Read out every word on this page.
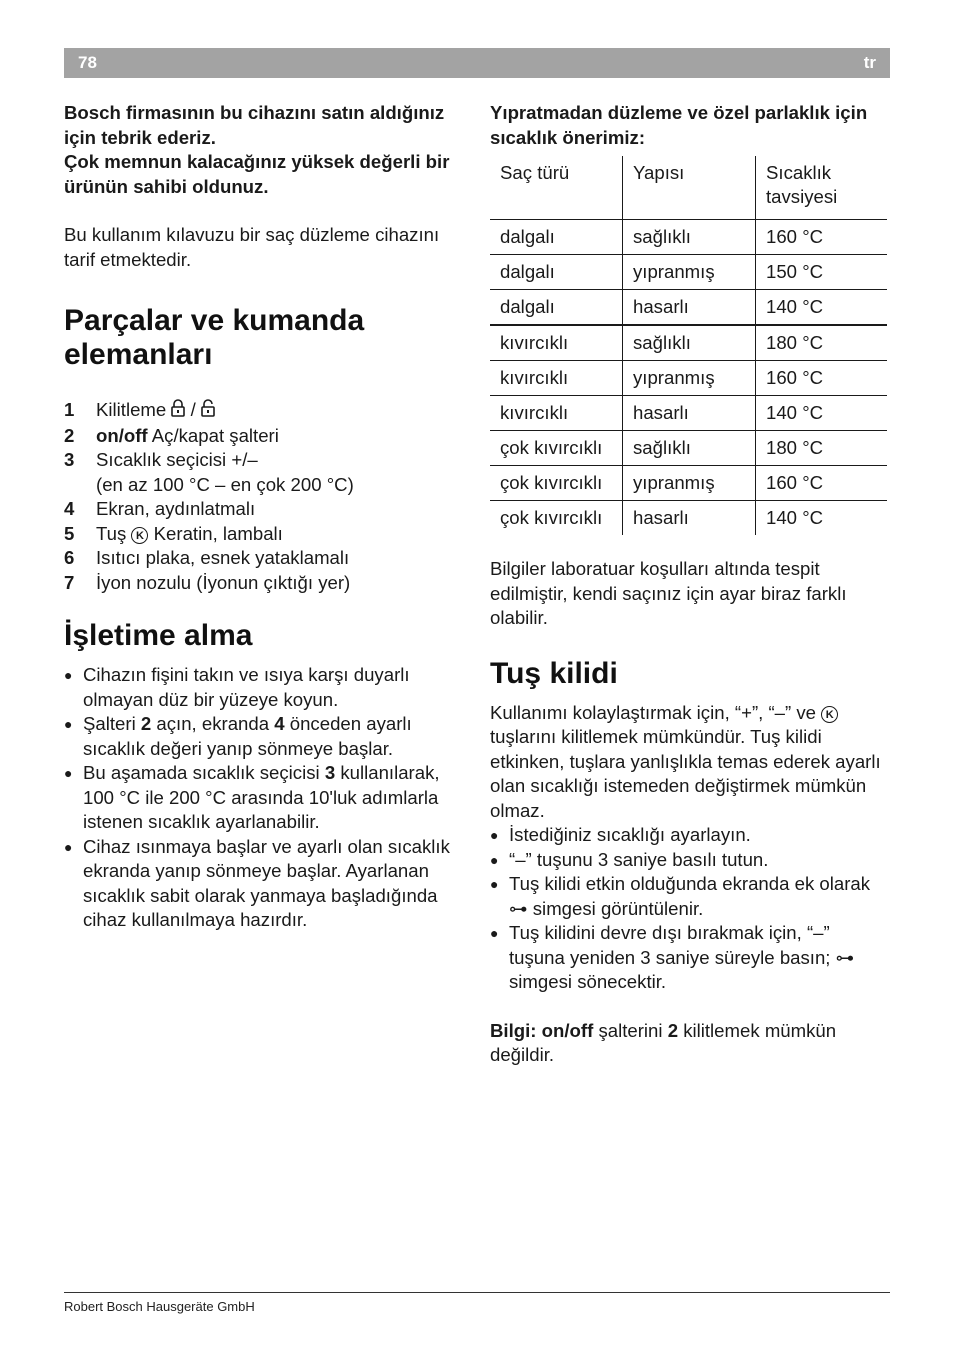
78	tr

Bosch firmasının bu cihazını satın aldığınız için tebrik ederiz.

Çok memnun kalacağınız yüksek değerli bir ürünün sahibi oldunuz.

Bu kullanım kılavuzu bir saç düzleme cihazını tarif etmektedir.

Parçalar ve kumanda
elemanları
1 Kilitleme /
2 on/off Aç/kapat şalteri
3 Sıcaklık seçicisi +/–
(en az 100 °C – en çok 200 °C)
4 Ekran, aydınlatmalı
5 Tuş K Keratin, lambalı
6 Isıtıcı plaka, esnek yataklamalı
7 İyon nozulu (İyonun çıktığı yer)
İşletime alma
● Cihazın fişini takın ve ısıya karşı duyarlı olmayan düz bir yüzeye koyun.
● Şalteri 2 açın, ekranda 4 önceden ayarlı sıcaklık değeri yanıp sönmeye başlar.
● Bu aşamada sıcaklık seçicisi 3 kullanılarak, 100 °C ile 200 °C arasında 10'luk adımlarla istenen sıcaklık ayarlanabilir.
● Cihaz ısınmaya başlar ve ayarlı olan sıcaklık ekranda yanıp sönmeye başlar. Ayarlanan sıcaklık sabit olarak yanmaya başladığında cihaz kullanılmaya hazırdır.

Yıpratmadan düzleme ve özel parlaklık için sıcaklık önerimiz:

Saç türü	Yapısı	Sıcaklık tavsiyesi
dalgalı	sağlıklı	160 °C
dalgalı	yıpranmış	150 °C
dalgalı	hasarlı	140 °C
kıvırcıklı	sağlıklı	180 °C
kıvırcıklı	yıpranmış	160 °C
kıvırcıklı	hasarlı	140 °C
çok kıvırcıklı	sağlıklı	180 °C
çok kıvırcıklı	yıpranmış	160 °C
çok kıvırcıklı	hasarlı	140 °C

Bilgiler laboratuar koşulları altında tespit edilmiştir, kendi saçınız için ayar biraz farklı olabilir.

Tuş kilidi

Kullanımı kolaylaştırmak için, “+”, “–” ve K tuşlarını kilitlemek mümkündür. Tuş kilidi etkinken, tuşlara yanlışlıkla temas ederek ayarlı olan sıcaklığı istemeden değiştirmek mümkün olmaz.

● İstediğiniz sıcaklığı ayarlayın.
● “–” tuşunu 3 saniye basılı tutun.
● Tuş kilidi etkin olduğunda ekranda ek olarak ⊶ simgesi görüntülenir.
● Tuş kilidini devre dışı bırakmak için, “–” tuşuna yeniden 3 saniye süreyle basın; ⊶ simgesi sönecektir.

Bilgi: on/off şalterini 2 kilitlemek mümkün değildir.

Robert Bosch Hausgeräte GmbH
